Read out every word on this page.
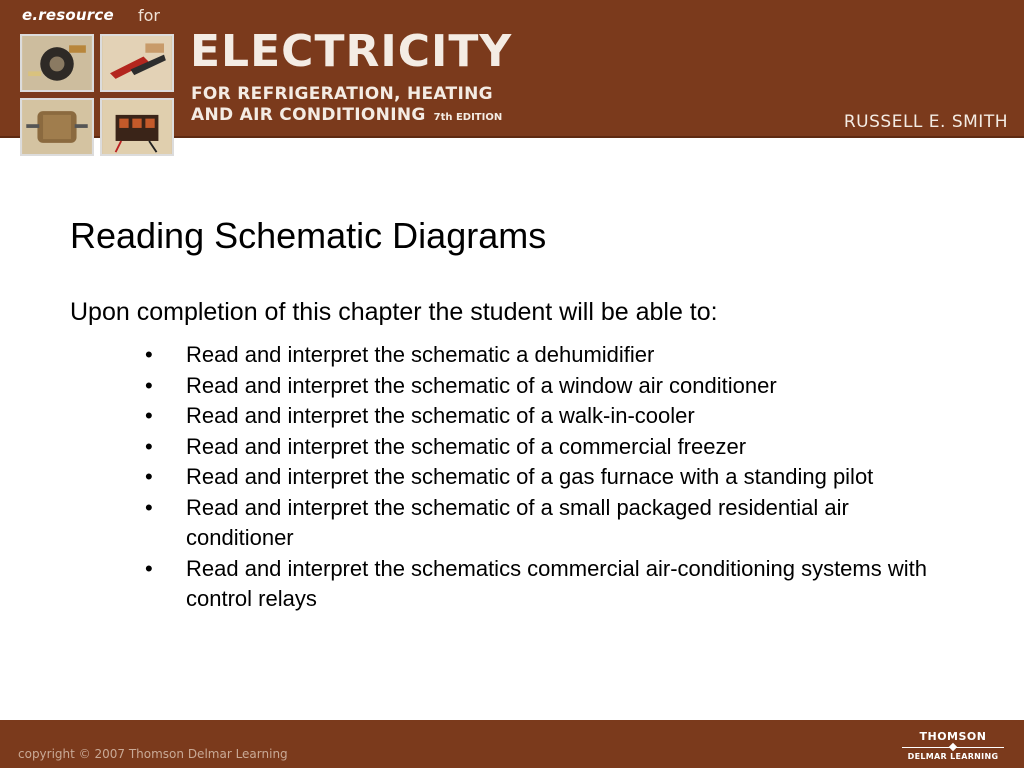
e.resource for
ELECTRICITY
FOR REFRIGERATION, HEATING
AND AIR CONDITIONING 7th EDITION	RUSSELL E. SMITH
Reading Schematic Diagrams
Upon completion of this chapter the student will be able to:
• Read and interpret the schematic a dehumidifier
• Read and interpret the schematic of a window air conditioner
• Read and interpret the schematic of a walk-in-cooler
• Read and interpret the schematic of a commercial freezer
• Read and interpret the schematic of a gas furnace with a standing pilot
• Read and interpret the schematic of a small packaged residential air conditioner
• Read and interpret the schematics commercial air-conditioning systems with control relays
copyright © 2007 Thomson Delmar Learning
THOMSON
DELMAR LEARNING
